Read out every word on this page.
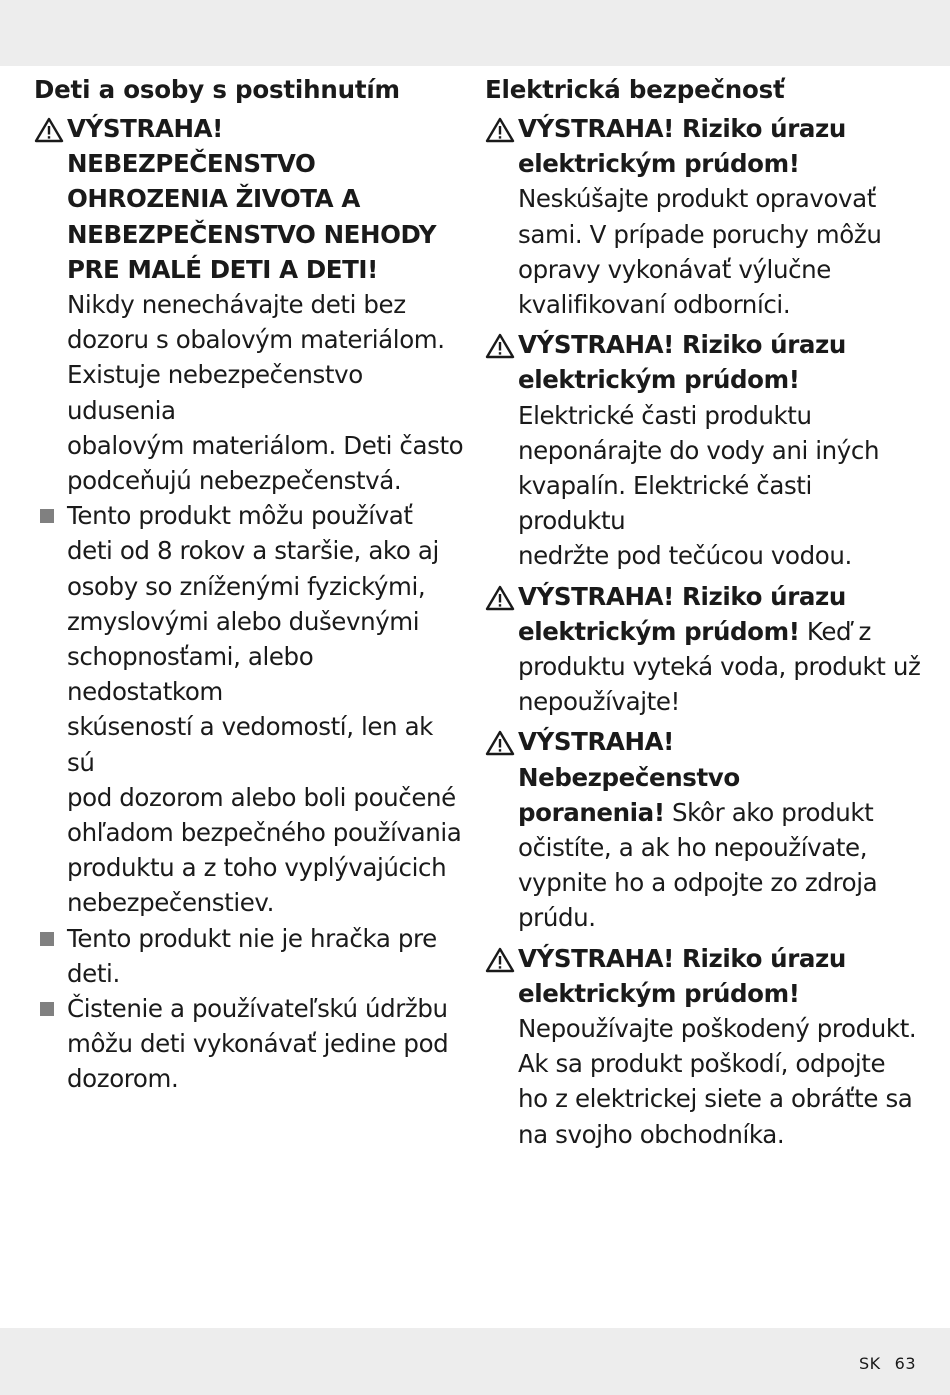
Deti a osoby s postihnutím
VÝSTRAHA!
NEBEZPEČENSTVO
OHROZENIA ŽIVOTA A
NEBEZPEČENSTVO NEHODY
PRE MALÉ DETI A DETI!
Nikdy nenechávajte deti bez
dozoru s obalovým materiálom.
Existuje nebezpečenstvo udusenia
obalovým materiálom. Deti často
podceňujú nebezpečenstvá.
Tento produkt môžu používať
deti od 8 rokov a staršie, ako aj
osoby so zníženými fyzickými,
zmyslovými alebo duševnými
schopnosťami, alebo nedostatkom
skúseností a vedomostí, len ak sú
pod dozorom alebo boli poučené
ohľadom bezpečného používania
produktu a z toho vyplývajúcich
nebezpečenstiev.
Tento produkt nie je hračka pre
deti.
Čistenie a používateľskú údržbu
môžu deti vykonávať jedine pod
dozorom.
Elektrická bezpečnosť
VÝSTRAHA! Riziko úrazu
elektrickým prúdom!
Neskúšajte produkt opravovať
sami. V prípade poruchy môžu
opravy vykonávať výlučne
kvalifikovaní odborníci.
VÝSTRAHA! Riziko úrazu
elektrickým prúdom!
Elektrické časti produktu
neponárajte do vody ani iných
kvapalín. Elektrické časti produktu
nedržte pod tečúcou vodou.
VÝSTRAHA! Riziko úrazu
elektrickým prúdom! Keď z
produktu vyteká voda, produkt už
nepoužívajte!
VÝSTRAHA!
Nebezpečenstvo
poranenia! Skôr ako produkt
očistíte, a ak ho nepoužívate,
vypnite ho a odpojte zo zdroja
prúdu.
VÝSTRAHA! Riziko úrazu
elektrickým prúdom!
Nepoužívajte poškodený produkt.
Ak sa produkt poškodí, odpojte
ho z elektrickej siete a obráťte sa
na svojho obchodníka.
SK 63
